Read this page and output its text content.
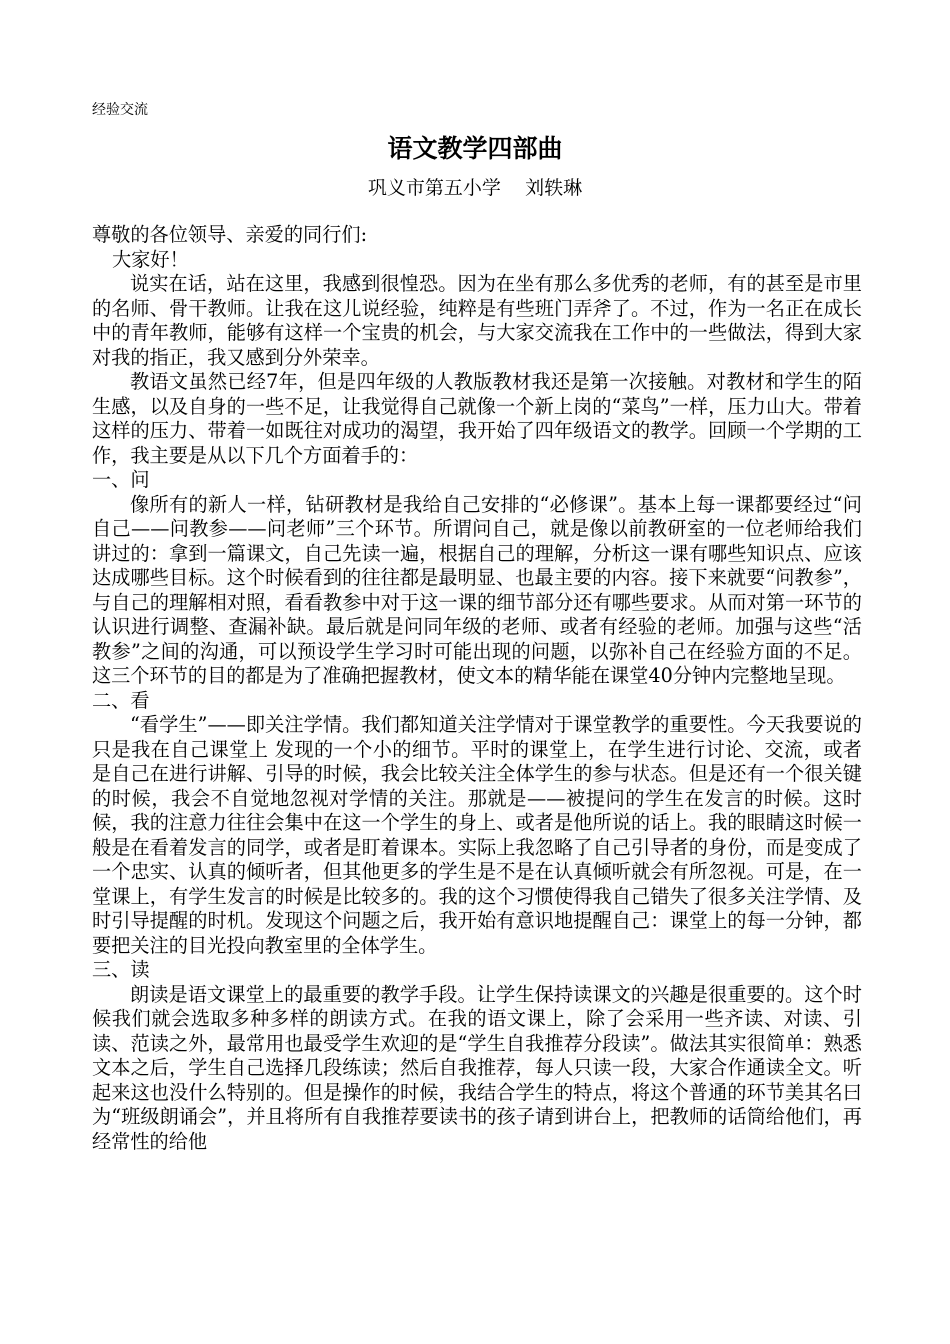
经验交流
语文教学四部曲
巩义市第五小学    刘轶琳

尊敬的各位领导、亲爱的同行们:

大家好！

说实在话，站在这里，我感到很惶恐。因为在坐有那么多优秀的老师，有的甚至是市里的名师、骨干教师。让我在这儿说经验，纯粹是有些班门弄斧了。不过，作为一名正在成长中的青年教师，能够有这样一个宝贵的机会，与大家交流我在工作中的一些做法，得到大家对我的指正，我又感到分外荣幸。

教语文虽然已经7年，但是四年级的人教版教材我还是第一次接触。对教材和学生的陌生感，以及自身的一些不足，让我觉得自己就像一个新上岗的“菜鸟”一样，压力山大。带着这样的压力、带着一如既往对成功的渴望，我开始了四年级语文的教学。回顾一个学期的工作，我主要是从以下几个方面着手的：

一、问

像所有的新人一样，钻研教材是我给自己安排的“必修课”。基本上每一课都要经过“问自己——问教参——问老师”三个环节。所谓问自己，就是像以前教研室的一位老师给我们讲过的：拿到一篇课文，自己先读一遍，根据自己的理解，分析这一课有哪些知识点、应该达成哪些目标。这个时候看到的往往都是最明显、也最主要的内容。接下来就要“问教参”，与自己的理解相对照，看看教参中对于这一课的细节部分还有哪些要求。从而对第一环节的认识进行调整、查漏补缺。最后就是问同年级的老师、或者有经验的老师。加强与这些“活教参”之间的沟通，可以预设学生学习时可能出现的问题，以弥补自己在经验方面的不足。这三个环节的目的都是为了准确把握教材，使文本的精华能在课堂40分钟内完整地呈现。

二、看

“看学生”——即关注学情。我们都知道关注学情对于课堂教学的重要性。今天我要说的 只是我在自己课堂上 发现的一个小的细节。平时的课堂上，在学生进行讨论、交流，或者是自己在进行讲解、引导的时候，我会比较关注全体学生的参与状态。但是还有一个很关键的时候，我会不自觉地忽视对学情的关注。那就是——被提问的学生在发言的时候。这时候，我的注意力往往会集中在这一个学生的身上、或者是他所说的话上。我的眼睛这时候一般是在看着发言的同学，或者是盯着课本。实际上我忽略了自己引导者的身份，而是变成了一个忠实、认真的倾听者，但其他更多的学生是不是在认真倾听就会有所忽视。可是，在一堂课上，有学生发言的时候是比较多的。我的这个习惯使得我自己错失了很多关注学情、及时引导提醒的时机。发现这个问题之后，我开始有意识地提醒自己：课堂上的每一分钟，都要把关注的目光投向教室里的全体学生。

三、读

朗读是语文课堂上的最重要的教学手段。让学生保持读课文的兴趣是很重要的。这个时候我们就会选取多种多样的朗读方式。在我的语文课上，除了会采用一些齐读、对读、引读、范读之外，最常用也最受学生欢迎的是“学生自我推荐分段读”。做法其实很简单：熟悉文本之后，学生自己选择几段练读；然后自我推荐，每人只读一段，大家合作通读全文。听起来这也没什么特别的。但是操作的时候，我结合学生的特点，将这个普通的环节美其名曰为“班级朗诵会”，并且将所有自我推荐要读书的孩子请到讲台上，把教师的话筒给他们，再经常性的给他
